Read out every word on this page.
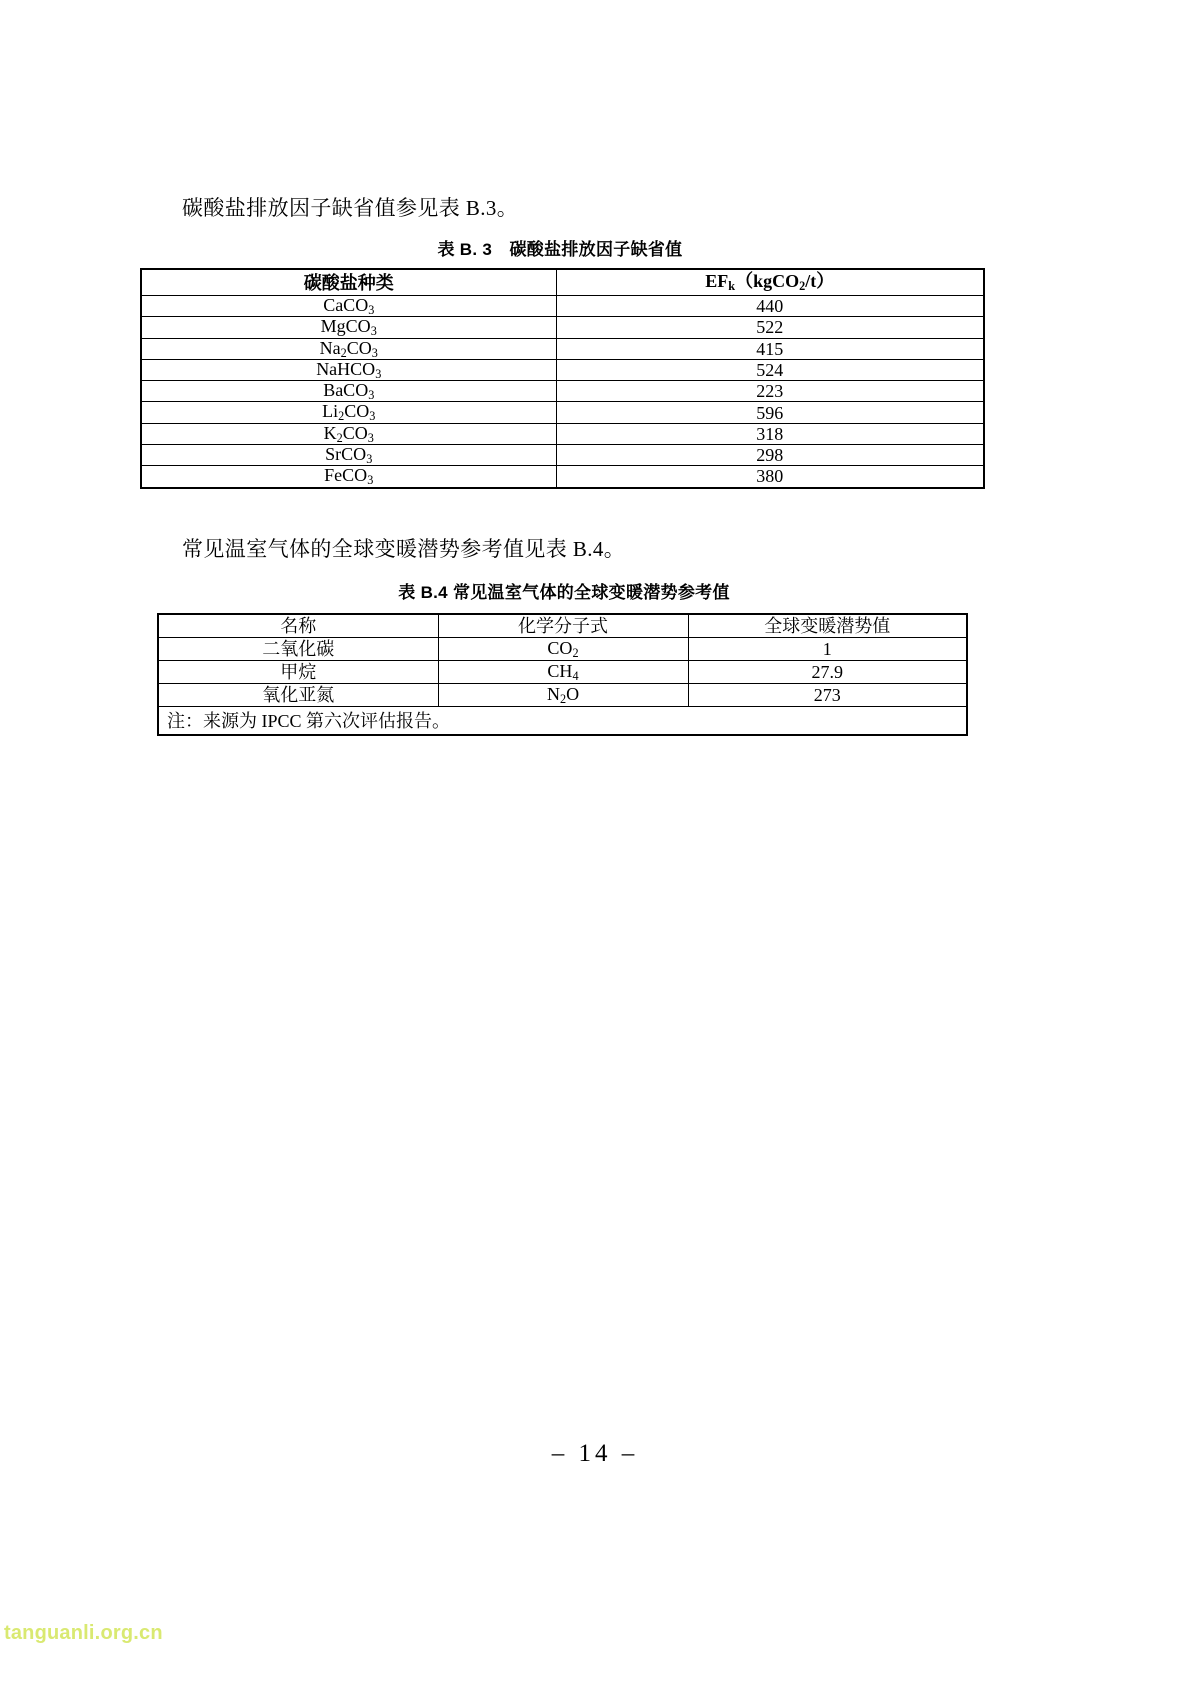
碳酸盐排放因子缺省值参见表 B.3。
表 B. 3　碳酸盐排放因子缺省值
碳酸盐种类	$EF_k(kgCO_2/t)$
CaCO$_3$	440
MgCO$_3$	522
$Na_2CO_3$	415
NaHCO$_3$	524
BaCO$_3$	223
$Li_2CO_3$	596
$K_2CO_3$	318
SrCO$_3$	298
FeCO$_3$	380
常见温室气体的全球变暖潜势参考值见表 B.4。
表 B.4 常见温室气体的全球变暖潜势参考值
名称	化学分子式	全球变暖潜势值
二氧化碳	$CO_2$	1
甲烷	$CH_4$	27.9
氧化亚氮	$N_2O$	273
注：来源为 IPCC 第六次评估报告。		
– 14 –
tanguanli.org.cn
